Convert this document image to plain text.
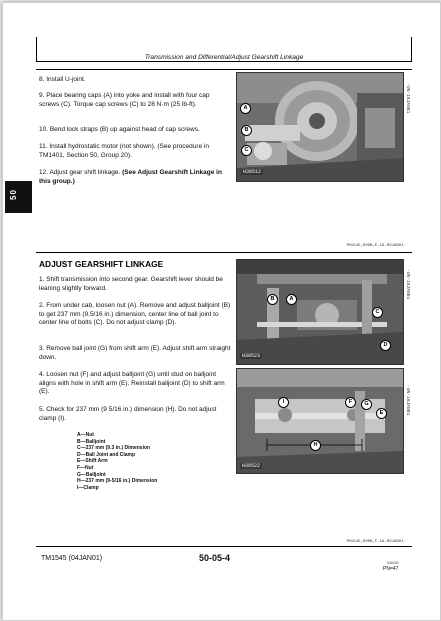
Transmission and Differential/Adjust Gearshift Linkage
50
8. Install U-joint.
9. Place bearing caps (A) into yoke and install with four cap screws (C). Torque cap screws (C) to 28 N·m (25 lb-ft).
10. Bend lock straps (B) up against head of cap screws.
11. Install hydrostatic motor (not shown). (See procedure in TM1401, Section 50, Group 20).
12. Adjust gear shift linkage. (See Adjust Gearshift Linkage in this group.)
A
B
C
H39512
-UN-16JAN01
TM1545,000B,E-19-09JAN01
ADJUST GEARSHIFT LINKAGE
1. Shift transmission into second gear. Gearshift lever should be leaning slightly forward.
2. From under cab, loosen nut (A). Remove and adjust balljoint (B) to get 237 mm (9.5/16 in.) dimension, center line of ball joint to center line of bolts (C). Do not adjust clamp (D).
3. Remove ball joint (G) from shift arm (E). Adjust shift arm straight down.
4. Loosen nut (F) and adjust balljoint (G) until stud on balljoint aligns with hole in shift arm (E). Reinstall balljoint (D) to shift arm (E).
5. Check for 237 mm (9 5/16 in.) dimension (H). Do not adjust clamp (I).
B	A
C
D
H39523
-UN-16JAN01
I	F	G
E
H
H39522
-UN-16JAN01
A—Nut
B—Balljoint
C—237 mm (9.3 in.) Dimension
D—Ball Joint and Clamp
E—Shift Arm
F—Nut
G—Balljoint
H—237 mm (9-5/16 in.) Dimension
I—Clamp
TM1545,000B,F-19-09JAN01
TM1545 (04JAN01)	50-05-4	040101
PN=47
